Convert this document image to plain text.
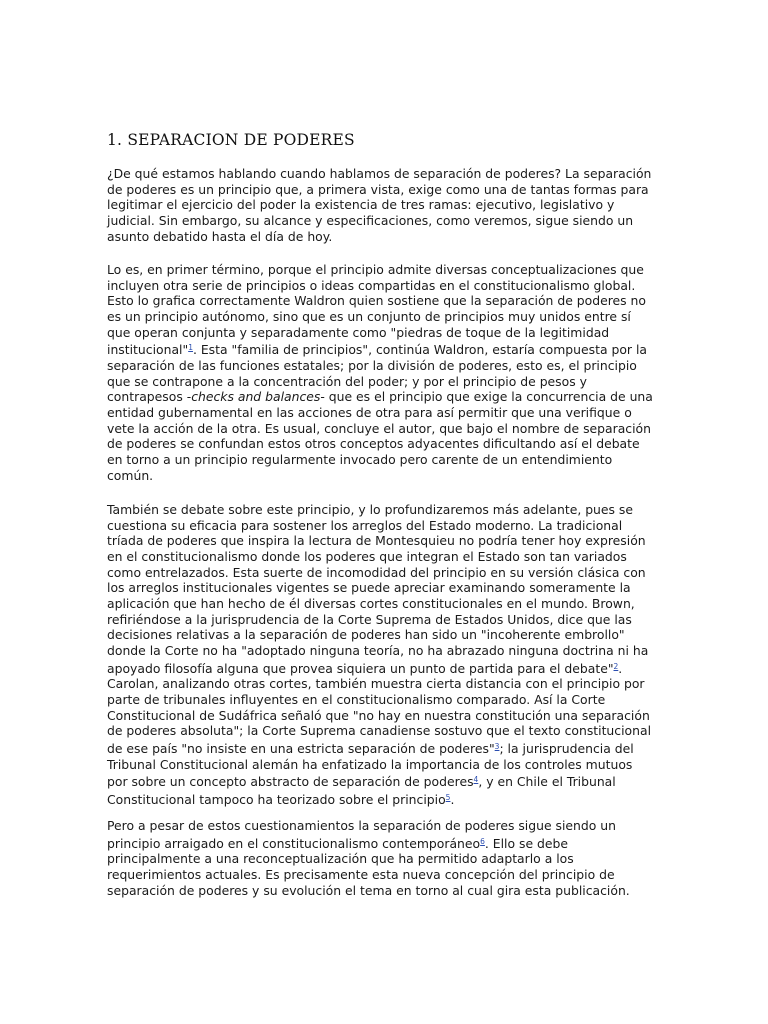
1. SEPARACION DE PODERES
¿De qué estamos hablando cuando hablamos de separación de poderes? La separación
de poderes es un principio que, a primera vista, exige como una de tantas formas para
legitimar el ejercicio del poder la existencia de tres ramas: ejecutivo, legislativo y
judicial. Sin embargo, su alcance y especificaciones, como veremos, sigue siendo un
asunto debatido hasta el día de hoy.
Lo es, en primer término, porque el principio admite diversas conceptualizaciones que
incluyen otra serie de principios o ideas compartidas en el constitucionalismo global.
Esto lo grafica correctamente Waldron quien sostiene que la separación de poderes no
es un principio autónomo, sino que es un conjunto de principios muy unidos entre sí
que operan conjunta y separadamente como "piedras de toque de la legitimidad
institucional"$^1$. Esta "familia de principios", continúa Waldron, estaría compuesta por la
separación de las funciones estatales; por la división de poderes, esto es, el principio
que se contrapone a la concentración del poder; y por el principio de pesos y
contrapesos -checks and balances- que es el principio que exige la concurrencia de una
entidad gubernamental en las acciones de otra para así permitir que una verifique o
vete la acción de la otra. Es usual, concluye el autor, que bajo el nombre de separación
de poderes se confundan estos otros conceptos adyacentes dificultando así el debate
en torno a un principio regularmente invocado pero carente de un entendimiento
común.
También se debate sobre este principio, y lo profundizaremos más adelante, pues se
cuestiona su eficacia para sostener los arreglos del Estado moderno. La tradicional
tríada de poderes que inspira la lectura de Montesquieu no podría tener hoy expresión
en el constitucionalismo donde los poderes que integran el Estado son tan variados
como entrelazados. Esta suerte de incomodidad del principio en su versión clásica con
los arreglos institucionales vigentes se puede apreciar examinando someramente la
aplicación que han hecho de él diversas cortes constitucionales en el mundo. Brown,
refiriéndose a la jurisprudencia de la Corte Suprema de Estados Unidos, dice que las
decisiones relativas a la separación de poderes han sido un "incoherente embrollo"
donde la Corte no ha "adoptado ninguna teoría, no ha abrazado ninguna doctrina ni ha
apoyado filosofía alguna que provea siquiera un punto de partida para el debate"$^2$.
Carolan, analizando otras cortes, también muestra cierta distancia con el principio por
parte de tribunales influyentes en el constitucionalismo comparado. Así la Corte
Constitucional de Sudáfrica señaló que "no hay en nuestra constitución una separación
de poderes absoluta"; la Corte Suprema canadiense sostuvo que el texto constitucional
de ese país "no insiste en una estricta separación de poderes"$^3$; la jurisprudencia del
Tribunal Constitucional alemán ha enfatizado la importancia de los controles mutuos
por sobre un concepto abstracto de separación de poderes$^4$, y en Chile el Tribunal
Constitucional tampoco ha teorizado sobre el principio$^5$.
Pero a pesar de estos cuestionamientos la separación de poderes sigue siendo un
principio arraigado en el constitucionalismo contemporáneo$^6$. Ello se debe
principalmente a una reconceptualización que ha permitido adaptarlo a los
requerimientos actuales. Es precisamente esta nueva concepción del principio de
separación de poderes y su evolución el tema en torno al cual gira esta publicación.
